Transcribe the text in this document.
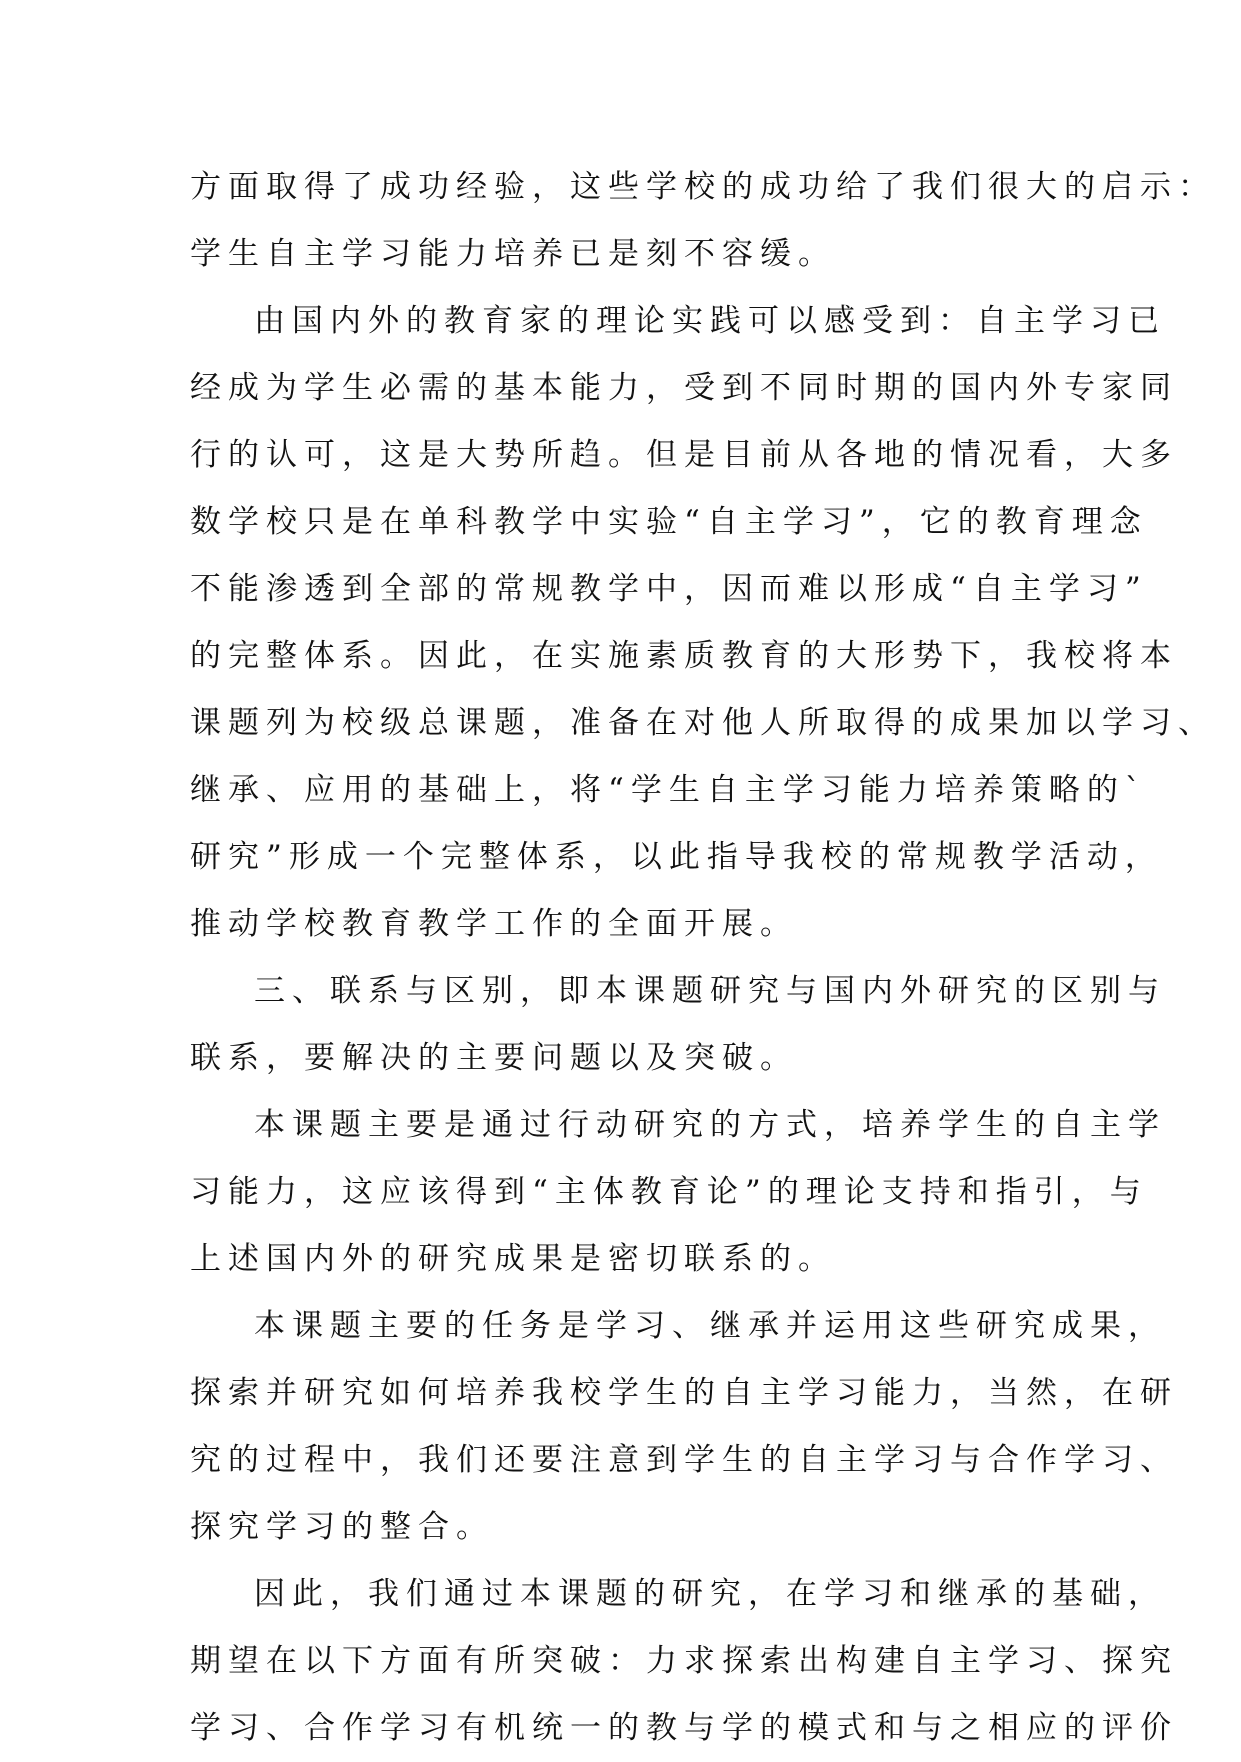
方面取得了成功经验，这些学校的成功给了我们很大的启示：
学生自主学习能力培养已是刻不容缓。
由国内外的教育家的理论实践可以感受到：自主学习已
经成为学生必需的基本能力，受到不同时期的国内外专家同
行的认可，这是大势所趋。但是目前从各地的情况看，大多
数学校只是在单科教学中实验“自主学习”，它的教育理念
不能渗透到全部的常规教学中，因而难以形成“自主学习”
的完整体系。因此，在实施素质教育的大形势下，我校将本
课题列为校级总课题，准备在对他人所取得的成果加以学习、
继承、应用的基础上，将“学生自主学习能力培养策略的`
研究”形成一个完整体系，以此指导我校的常规教学活动，
推动学校教育教学工作的全面开展。
三、联系与区别，即本课题研究与国内外研究的区别与
联系，要解决的主要问题以及突破。
本课题主要是通过行动研究的方式，培养学生的自主学
习能力，这应该得到“主体教育论”的理论支持和指引，与
上述国内外的研究成果是密切联系的。
本课题主要的任务是学习、继承并运用这些研究成果，
探索并研究如何培养我校学生的自主学习能力，当然，在研
究的过程中，我们还要注意到学生的自主学习与合作学习、
探究学习的整合。
因此，我们通过本课题的研究，在学习和继承的基础，
期望在以下方面有所突破：力求探索出构建自主学习、探究
学习、合作学习有机统一的教与学的模式和与之相应的评价
